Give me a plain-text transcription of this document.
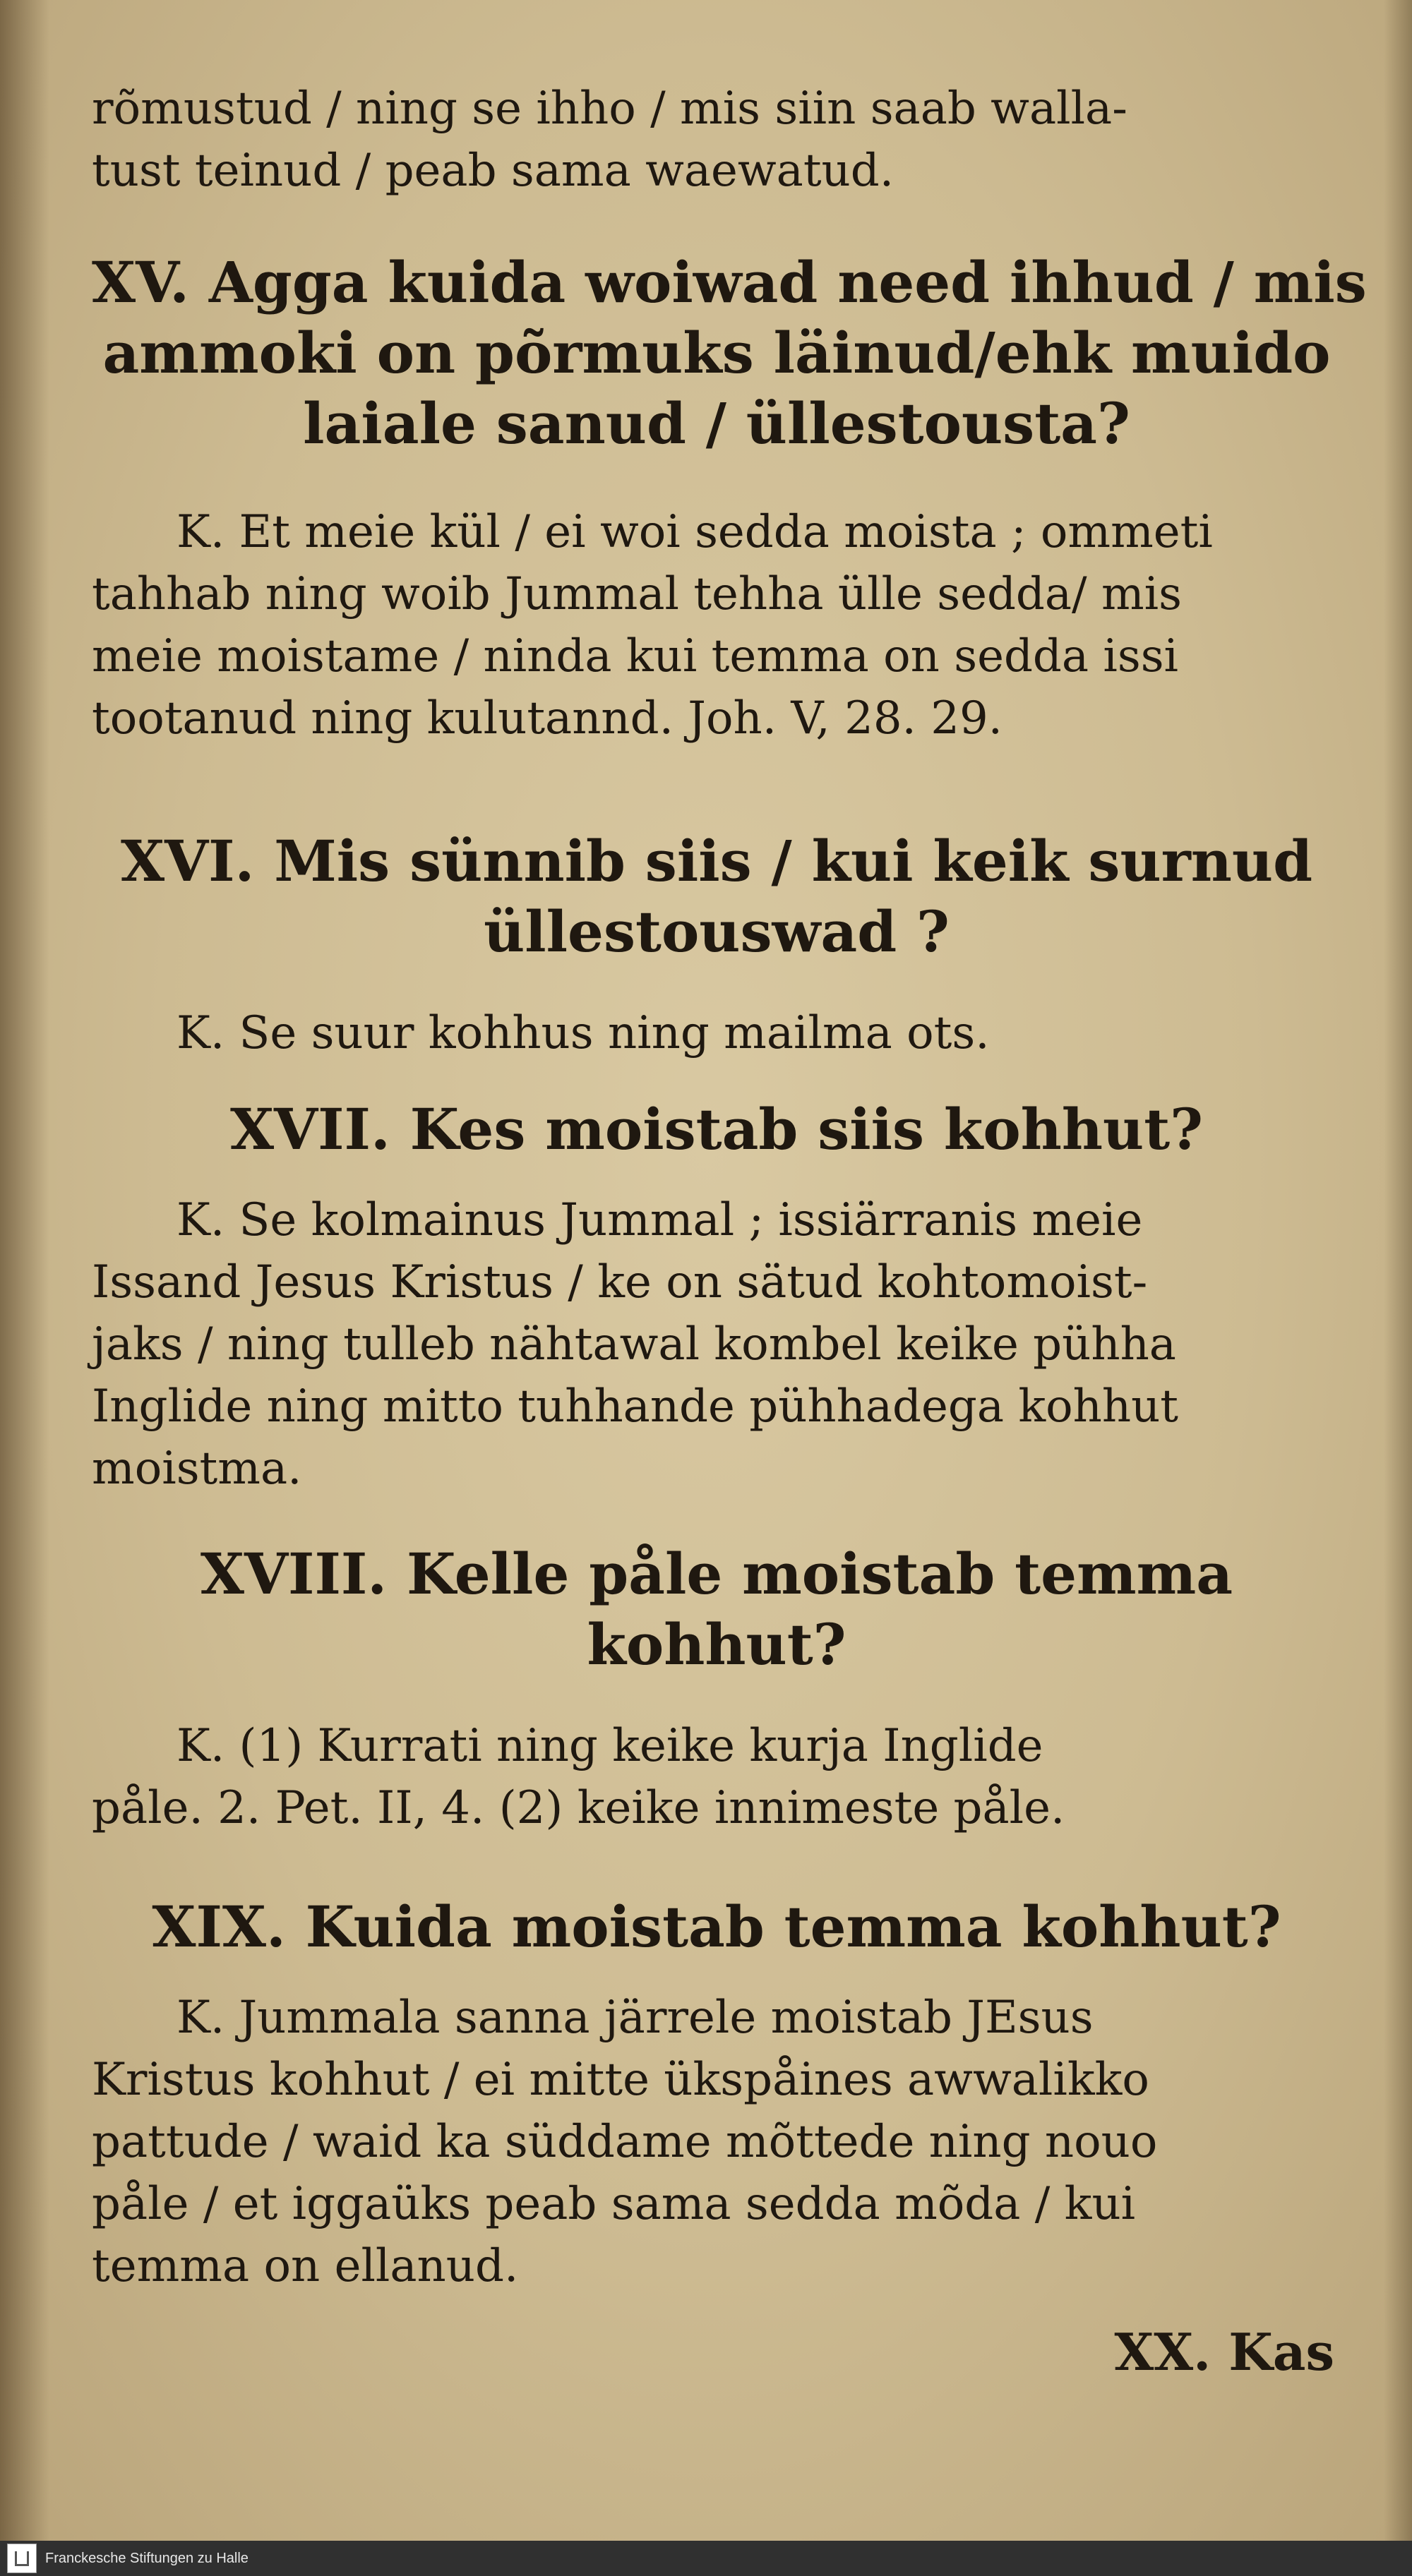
rõmustud / ning se ihho / mis siin saab walla-
tust teinud / peab sama waewatud.
XV. Agga kuida woiwad need ihhud / mis
ammoki on põrmuks läinud/ehk muido
laiale sanud / üllestousta?
K. Et meie kül / ei woi sedda moista ; ommeti
tahhab ning woib Jummal tehha ülle sedda/ mis
meie moistame / ninda kui temma on sedda issi
tootanud ning kulutannd. Joh. V, 28. 29.
XVI. Mis sünnib siis / kui keik surnud
üllestouswad ?
K. Se suur kohhus ning mailma ots.
XVII. Kes moistab siis kohhut?
K. Se kolmainus Jummal ; issiärranis meie
Issand Jesus Kristus / ke on sätud kohtomoist-
jaks / ning tulleb nähtawal kombel keike pühha
Inglide ning mitto tuhhande pühhadega kohhut
moistma.
XVIII. Kelle påle moistab temma
kohhut?
K. (1) Kurrati ning keike kurja Inglide
påle. 2. Pet. II, 4. (2) keike innimeste påle.
XIX. Kuida moistab temma kohhut?
K. Jummala sanna järrele moistab JEsus
Kristus kohhut / ei mitte ükspåines awwalikko
pattude / waid ka süddame mõttede ning nouo
påle / et iggaüks peab sama sedda mõda / kui
temma on ellanud.
XX. Kas
Franckesche Stiftungen zu Halle
